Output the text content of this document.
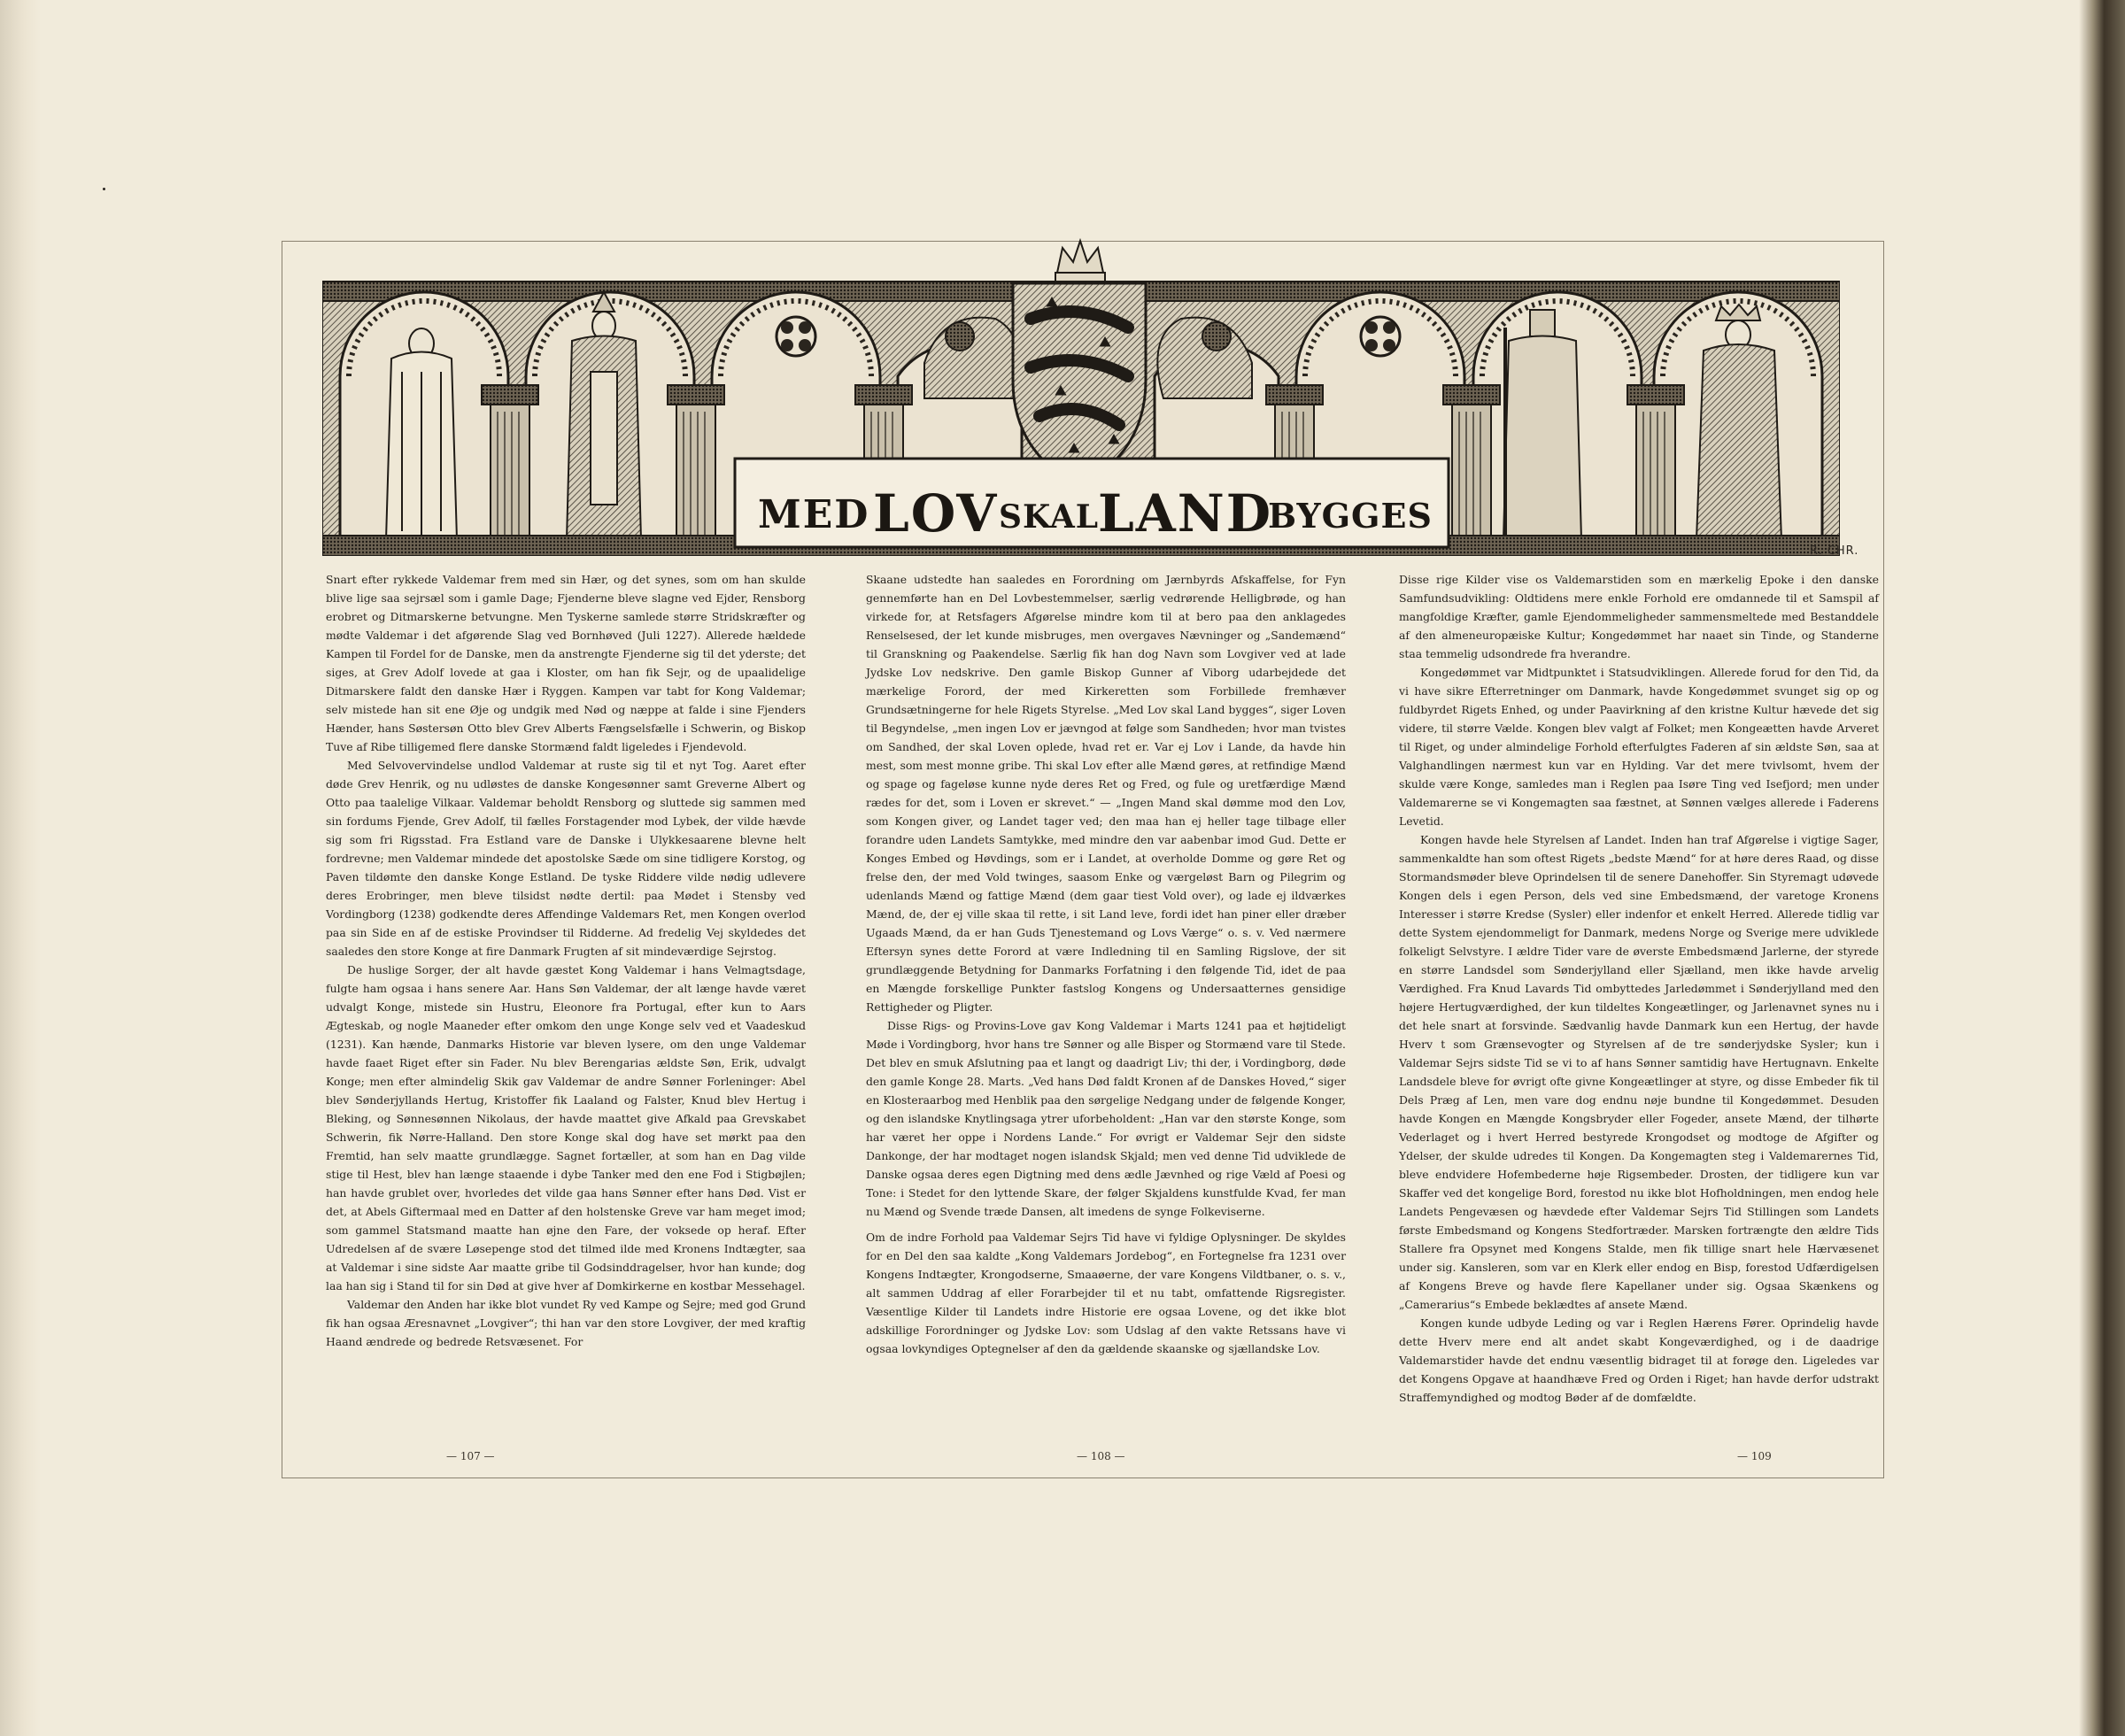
MED LOV SKAL
LAND
BYGGES
R. CHR.

Snart efter rykkede Valdemar frem med sin Hær, og det synes, som om han skulde blive lige saa sejrsæl som i gamle Dage; Fjenderne bleve slagne ved Ejder, Rensborg erobret og Ditmarskerne betvungne. Men Tyskerne samlede større Stridskræfter og mødte Valdemar i det afgørende Slag ved Bornhøved (Juli 1227). Allerede hældede Kampen til Fordel for de Danske, men da anstrengte Fjenderne sig til det yderste; det siges, at Grev Adolf lovede at gaa i Kloster, om han fik Sejr, og de upaalidelige Ditmarskere faldt den danske Hær i Ryggen. Kampen var tabt for Kong Valdemar; selv mistede han sit ene Øje og undgik med Nød og næppe at falde i sine Fjenders Hænder, hans Søstersøn Otto blev Grev Alberts Fængselsfælle i Schwerin, og Biskop Tuve af Ribe tilligemed flere danske Stormænd faldt ligeledes i Fjendevold.

Med Selvovervindelse undlod Valdemar at ruste sig til et nyt Tog. Aaret efter døde Grev Henrik, og nu udløstes de danske Kongesønner samt Greverne Albert og Otto paa taalelige Vilkaar. Valdemar beholdt Rensborg og sluttede sig sammen med sin fordums Fjende, Grev Adolf, til fælles Forstagender mod Lybek, der vilde hævde sig som fri Rigsstad. Fra Estland vare de Danske i Ulykkesaarene blevne helt fordrevne; men Valdemar mindede det apostolske Sæde om sine tidligere Korstog, og Paven tildømte den danske Konge Estland. De tyske Riddere vilde nødig udlevere deres Erobringer, men bleve tilsidst nødte dertil: paa Mødet i Stensby ved Vordingborg (1238) godkendte deres Affendinge Valdemars Ret, men Kongen overlod paa sin Side en af de estiske Provindser til Ridderne. Ad fredelig Vej skyldedes det saaledes den store Konge at fire Danmark Frugten af sit mindeværdige Sejrstog.

De huslige Sorger, der alt havde gæstet Kong Valdemar i hans Velmagtsdage, fulgte ham ogsaa i hans senere Aar. Hans Søn Valdemar, der alt længe havde været udvalgt Konge, mistede sin Hustru, Eleonore fra Portugal, efter kun to Aars Ægteskab, og nogle Maaneder efter omkom den unge Konge selv ved et Vaadeskud (1231). Kan hænde, Danmarks Historie var bleven lysere, om den unge Valdemar havde faaet Riget efter sin Fader. Nu blev Berengarias ældste Søn, Erik, udvalgt Konge; men efter almindelig Skik gav Valdemar de andre Sønner Forleninger: Abel blev Sønderjyllands Hertug, Kristoffer fik Laaland og Falster, Knud blev Hertug i Bleking, og Sønnesønnen Nikolaus, der havde maattet give Afkald paa Grevskabet Schwerin, fik Nørre-Halland. Den store Konge skal dog have set mørkt paa den Fremtid, han selv maatte grundlægge. Sagnet fortæller, at som han en Dag vilde stige til Hest, blev han længe staaende i dybe Tanker med den ene Fod i Stigbøjlen; han havde grublet over, hvorledes det vilde gaa hans Sønner efter hans Død. Vist er det, at Abels Giftermaal med en Datter af den holstenske Greve var ham meget imod; som gammel Statsmand maatte han øjne den Fare, der voksede op heraf. Efter Udredelsen af de svære Løsepenge stod det tilmed ilde med Kronens Indtægter, saa at Valdemar i sine sidste Aar maatte gribe til Godsinddragelser, hvor han kunde; dog laa han sig i Stand til for sin Død at give hver af Domkirkerne en kostbar Messehagel.

Valdemar den Anden har ikke blot vundet Ry ved Kampe og Sejre; med god Grund fik han ogsaa Æresnavnet „Lovgiver“; thi han var den store Lovgiver, der med kraftig Haand ændrede og bedrede Retsvæsenet. For

Skaane udstedte han saaledes en Forordning om Jærnbyrds Afskaffelse, for Fyn gennemførte han en Del Lovbestemmelser, særlig vedrørende Helligbrøde, og han virkede for, at Retsfagers Afgørelse mindre kom til at bero paa den anklagedes Renselsesed, der let kunde misbruges, men overgaves Nævninger og „Sandemænd“ til Granskning og Paakendelse. Særlig fik han dog Navn som Lovgiver ved at lade Jydske Lov nedskrive. Den gamle Biskop Gunner af Viborg udarbejdede det mærkelige Forord, der med Kirkeretten som Forbillede fremhæver Grundsætningerne for hele Rigets Styrelse. „Med Lov skal Land bygges“, siger Loven til Begyndelse, „men ingen Lov er jævngod at følge som Sandheden; hvor man tvistes om Sandhed, der skal Loven oplede, hvad ret er. Var ej Lov i Lande, da havde hin mest, som mest monne gribe. Thi skal Lov efter alle Mænd gøres, at retfindige Mænd og spage og fageløse kunne nyde deres Ret og Fred, og fule og uretfærdige Mænd rædes for det, som i Loven er skrevet.“ — „Ingen Mand skal dømme mod den Lov, som Kongen giver, og Landet tager ved; den maa han ej heller tage tilbage eller forandre uden Landets Samtykke, med mindre den var aabenbar imod Gud. Dette er Konges Embed og Høvdings, som er i Landet, at overholde Domme og gøre Ret og frelse den, der med Vold twinges, saasom Enke og værgeløst Barn og Pilegrim og udenlands Mænd og fattige Mænd (dem gaar tiest Vold over), og lade ej ildværkes Mænd, de, der ej ville skaa til rette, i sit Land leve, fordi idet han piner eller dræber Ugaads Mænd, da er han Guds Tjenestemand og Lovs Værge“ o. s. v. Ved nærmere Eftersyn synes dette Forord at være Indledning til en Samling Rigslove, der sit grundlæggende Betydning for Danmarks Forfatning i den følgende Tid, idet de paa en Mængde forskellige Punkter fastslog Kongens og Undersaatternes gensidige Rettigheder og Pligter.

Disse Rigs- og Provins-Love gav Kong Valdemar i Marts 1241 paa et højtideligt Møde i Vordingborg, hvor hans tre Sønner og alle Bisper og Stormænd vare til Stede. Det blev en smuk Afslutning paa et langt og daadrigt Liv; thi der, i Vordingborg, døde den gamle Konge 28. Marts. „Ved hans Død faldt Kronen af de Danskes Hoved,“ siger en Klosteraarbog med Henblik paa den sørgelige Nedgang under de følgende Konger, og den islandske Knytlingsaga ytrer uforbeholdent: „Han var den største Konge, som har været her oppe i Nordens Lande.“ For øvrigt er Valdemar Sejr den sidste Dankonge, der har modtaget nogen islandsk Skjald; men ved denne Tid udviklede de Danske ogsaa deres egen Digtning med dens ædle Jævnhed og rige Væld af Poesi og Tone: i Stedet for den lyttende Skare, der følger Skjaldens kunstfulde Kvad, fer man nu Mænd og Svende træde Dansen, alt imedens de synge Folkeviserne.

Om de indre Forhold paa Valdemar Sejrs Tid have vi fyldige Oplysninger. De skyldes for en Del den saa kaldte „Kong Valdemars Jordebog“, en Fortegnelse fra 1231 over Kongens Indtægter, Krongodserne, Smaaøerne, der vare Kongens Vildtbaner, o. s. v., alt sammen Uddrag af eller Forarbejder til et nu tabt, omfattende Rigsregister. Væsentlige Kilder til Landets indre Historie ere ogsaa Lovene, og det ikke blot adskillige Forordninger og Jydske Lov: som Udslag af den vakte Retssans have vi ogsaa lovkyndiges Optegnelser af den da gældende skaanske og sjællandske Lov.

Disse rige Kilder vise os Valdemarstiden som en mærkelig Epoke i den danske Samfundsudvikling: Oldtidens mere enkle Forhold ere omdannede til et Samspil af mangfoldige Kræfter, gamle Ejendommeligheder sammensmeltede med Bestanddele af den almeneuropæiske Kultur; Kongedømmet har naaet sin Tinde, og Standerne staa temmelig udsondrede fra hverandre.

Kongedømmet var Midtpunktet i Statsudviklingen. Allerede forud for den Tid, da vi have sikre Efterretninger om Danmark, havde Kongedømmet svunget sig op og fuldbyrdet Rigets Enhed, og under Paavirkning af den kristne Kultur hævede det sig videre, til større Vælde. Kongen blev valgt af Folket; men Kongeætten havde Arveret til Riget, og under almindelige Forhold efterfulgtes Faderen af sin ældste Søn, saa at Valghandlingen nærmest kun var en Hylding. Var det mere tvivlsomt, hvem der skulde være Konge, samledes man i Reglen paa Isøre Ting ved Isefjord; men under Valdemarerne se vi Kongemagten saa fæstnet, at Sønnen vælges allerede i Faderens Levetid.

Kongen havde hele Styrelsen af Landet. Inden han traf Afgørelse i vigtige Sager, sammenkaldte han som oftest Rigets „bedste Mænd“ for at høre deres Raad, og disse Stormandsmøder bleve Oprindelsen til de senere Danehoffer. Sin Styremagt udøvede Kongen dels i egen Person, dels ved sine Embedsmænd, der varetoge Kronens Interesser i større Kredse (Sysler) eller indenfor et enkelt Herred. Allerede tidlig var dette System ejendommeligt for Danmark, medens Norge og Sverige mere udviklede folkeligt Selvstyre. I ældre Tider vare de øverste Embedsmænd Jarlerne, der styrede en større Landsdel som Sønderjylland eller Sjælland, men ikke havde arvelig Værdighed. Fra Knud Lavards Tid ombyttedes Jarledømmet i Sønderjylland med den højere Hertugværdighed, der kun tildeltes Kongeætlinger, og Jarlenavnet synes nu i det hele snart at forsvinde. Sædvanlig havde Danmark kun een Hertug, der havde Hverv t som Grænsevogter og Styrelsen af de tre sønderjydske Sysler; kun i Valdemar Sejrs sidste Tid se vi to af hans Sønner samtidig have Hertugnavn. Enkelte Landsdele bleve for øvrigt ofte givne Kongeætlinger at styre, og disse Embeder fik til Dels Præg af Len, men vare dog endnu nøje bundne til Kongedømmet. Desuden havde Kongen en Mængde Kongsbryder eller Fogeder, ansete Mænd, der tilhørte Vederlaget og i hvert Herred bestyrede Krongodset og modtoge de Afgifter og Ydelser, der skulde udredes til Kongen. Da Kongemagten steg i Valdemarernes Tid, bleve endvidere Hofembederne høje Rigsembeder. Drosten, der tidligere kun var Skaffer ved det kongelige Bord, forestod nu ikke blot Hofholdningen, men endog hele Landets Pengevæsen og hævdede efter Valdemar Sejrs Tid Stillingen som Landets første Embedsmand og Kongens Stedfortræder. Marsken fortrængte den ældre Tids Stallere fra Opsynet med Kongens Stalde, men fik tillige snart hele Hærvæsenet under sig. Kansleren, som var en Klerk eller endog en Bisp, forestod Udfærdigelsen af Kongens Breve og havde flere Kapellaner under sig. Ogsaa Skænkens og „Camerarius“s Embede beklædtes af ansete Mænd.

Kongen kunde udbyde Leding og var i Reglen Hærens Fører. Oprindelig havde dette Hverv mere end alt andet skabt Kongeværdighed, og i de daadrige Valdemarstider havde det endnu væsentlig bidraget til at forøge den. Ligeledes var det Kongens Opgave at haandhæve Fred og Orden i Riget; han havde derfor udstrakt Straffemyndighed og modtog Bøder af de domfældte.

— 107 —	— 108 —	— 109
